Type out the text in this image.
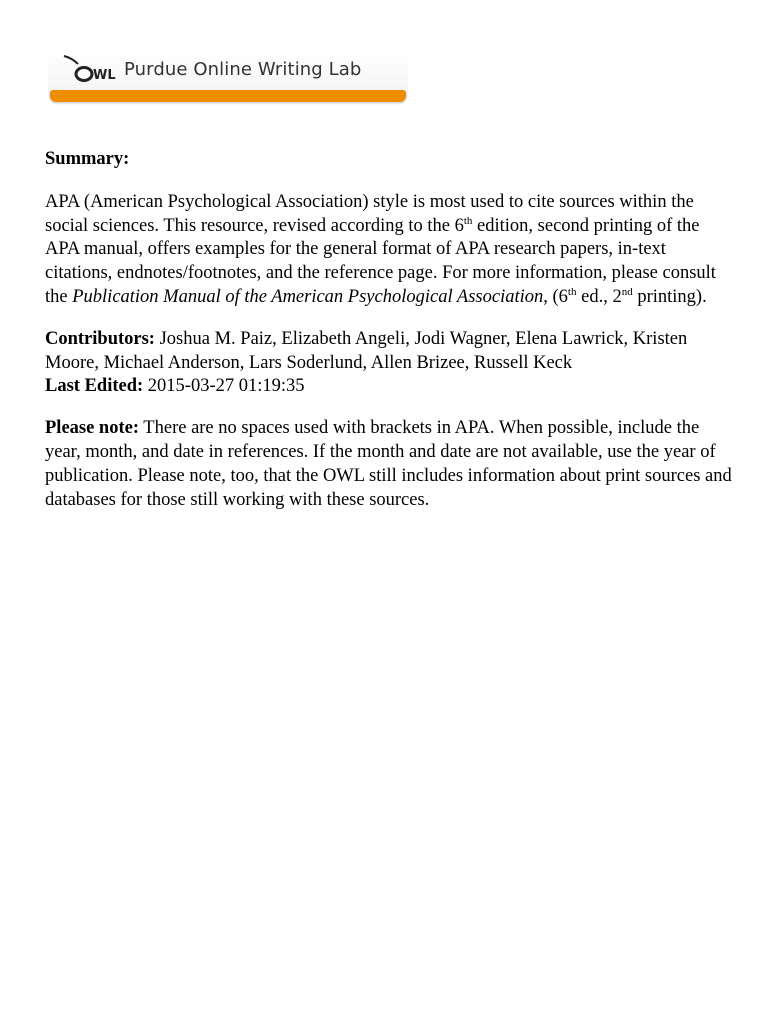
WL Purdue Online Writing Lab

Summary:

APA (American Psychological Association) style is most used to cite sources within the social sciences. This resource, revised according to the 6th edition, second printing of the APA manual, offers examples for the general format of APA research papers, in-text citations, endnotes/footnotes, and the reference page. For more information, please consult the Publication Manual of the American Psychological Association, (6th ed., 2nd printing).

Contributors: Joshua M. Paiz, Elizabeth Angeli, Jodi Wagner, Elena Lawrick, Kristen Moore, Michael Anderson, Lars Soderlund, Allen Brizee, Russell Keck

Last Edited: 2015-03-27 01:19:35

Please note: There are no spaces used with brackets in APA. When possible, include the year, month, and date in references. If the month and date are not available, use the year of publication. Please note, too, that the OWL still includes information about print sources and databases for those still working with these sources.
